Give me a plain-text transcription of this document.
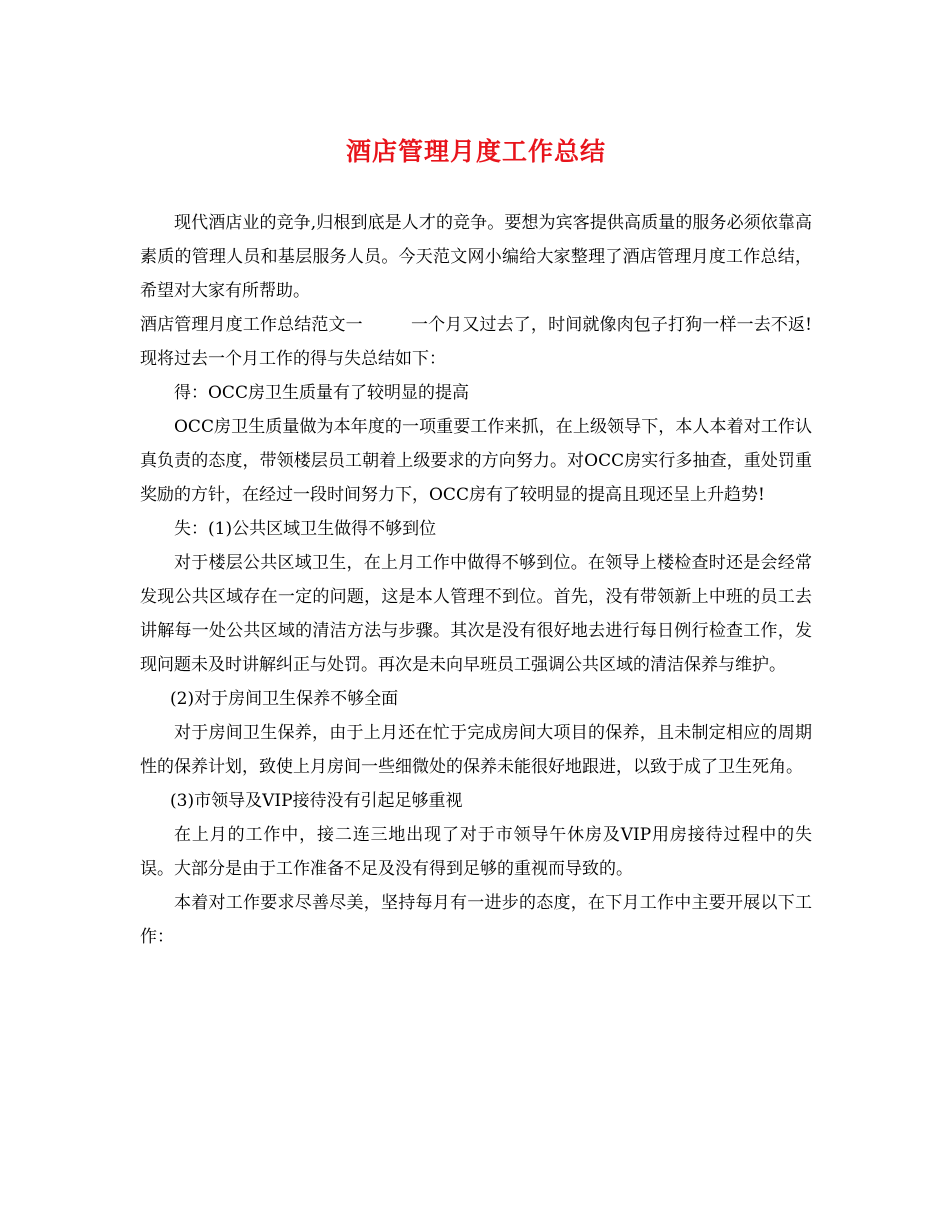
酒店管理月度工作总结

现代酒店业的竞争,归根到底是人才的竞争。要想为宾客提供高质量的服务必须依靠高素质的管理人员和基层服务人员。今天范文网小编给大家整理了酒店管理月度工作总结，希望对大家有所帮助。

酒店管理月度工作总结范文一	一个月又过去了，时间就像肉包子打狗一样一去不返!现将过去一个月工作的得与失总结如下：

得：OCC房卫生质量有了较明显的提高

OCC房卫生质量做为本年度的一项重要工作来抓，在上级领导下，本人本着对工作认真负责的态度，带领楼层员工朝着上级要求的方向努力。对OCC房实行多抽查，重处罚重奖励的方针，在经过一段时间努力下，OCC房有了较明显的提高且现还呈上升趋势!

失：(1)公共区域卫生做得不够到位

对于楼层公共区域卫生，在上月工作中做得不够到位。在领导上楼检查时还是会经常发现公共区域存在一定的问题，这是本人管理不到位。首先，没有带领新上中班的员工去讲解每一处公共区域的清洁方法与步骤。其次是没有很好地去进行每日例行检查工作，发现问题未及时讲解纠正与处罚。再次是未向早班员工强调公共区域的清洁保养与维护。

(2)对于房间卫生保养不够全面

对于房间卫生保养，由于上月还在忙于完成房间大项目的保养，且未制定相应的周期性的保养计划，致使上月房间一些细微处的保养未能很好地跟进，以致于成了卫生死角。

(3)市领导及VIP接待没有引起足够重视

在上月的工作中，接二连三地出现了对于市领导午休房及VIP用房接待过程中的失误。大部分是由于工作准备不足及没有得到足够的重视而导致的。

本着对工作要求尽善尽美，坚持每月有一进步的态度，在下月工作中主要开展以下工作：
